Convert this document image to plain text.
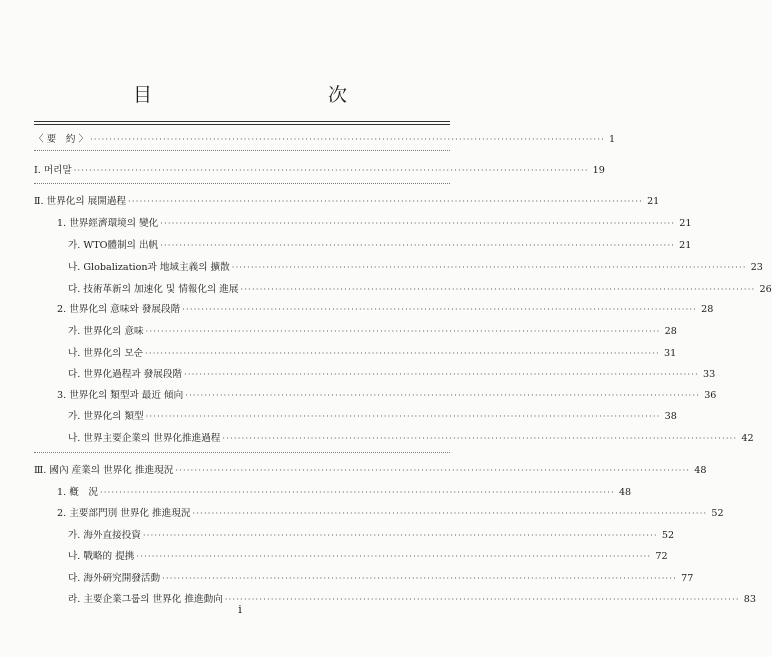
目　　次
〈 要　約 〉 ······································································································································ 1
Ⅰ. 머리말 ······································································································································ 19
Ⅱ. 世界化의 展開過程 ······································································································································ 21
1. 世界經濟環境의 變化 ······································································································································ 21
가. WTO體制의 出帆 ······································································································································ 21
나. Globalization과 地域主義의 擴散 ······································································································································ 23
다. 技術革新의 加速化 및 情報化의 進展 ······································································································································ 26
2. 世界化의 意味와 發展段階 ······································································································································ 28
가. 世界化의 意味 ······································································································································ 28
나. 世界化의 모순 ······································································································································ 31
다. 世界化過程과 發展段階 ······································································································································ 33
3. 世界化의 類型과 最近 傾向 ······································································································································ 36
가. 世界化의 類型 ······································································································································ 38
나. 世界主要企業의 世界化推進過程 ······································································································································ 42
Ⅲ. 國內 産業의 世界化 推進現況 ······································································································································ 48
1. 槪　況 ······································································································································ 48
2. 主要部門別 世界化 推進現況 ······································································································································ 52
가. 海外直接投資 ······································································································································ 52
나. 戰略的 提携 ······································································································································ 72
다. 海外硏究開發活動 ······································································································································ 77
라. 主要企業그룹의 世界化 推進動向 ······································································································································ 83
i
